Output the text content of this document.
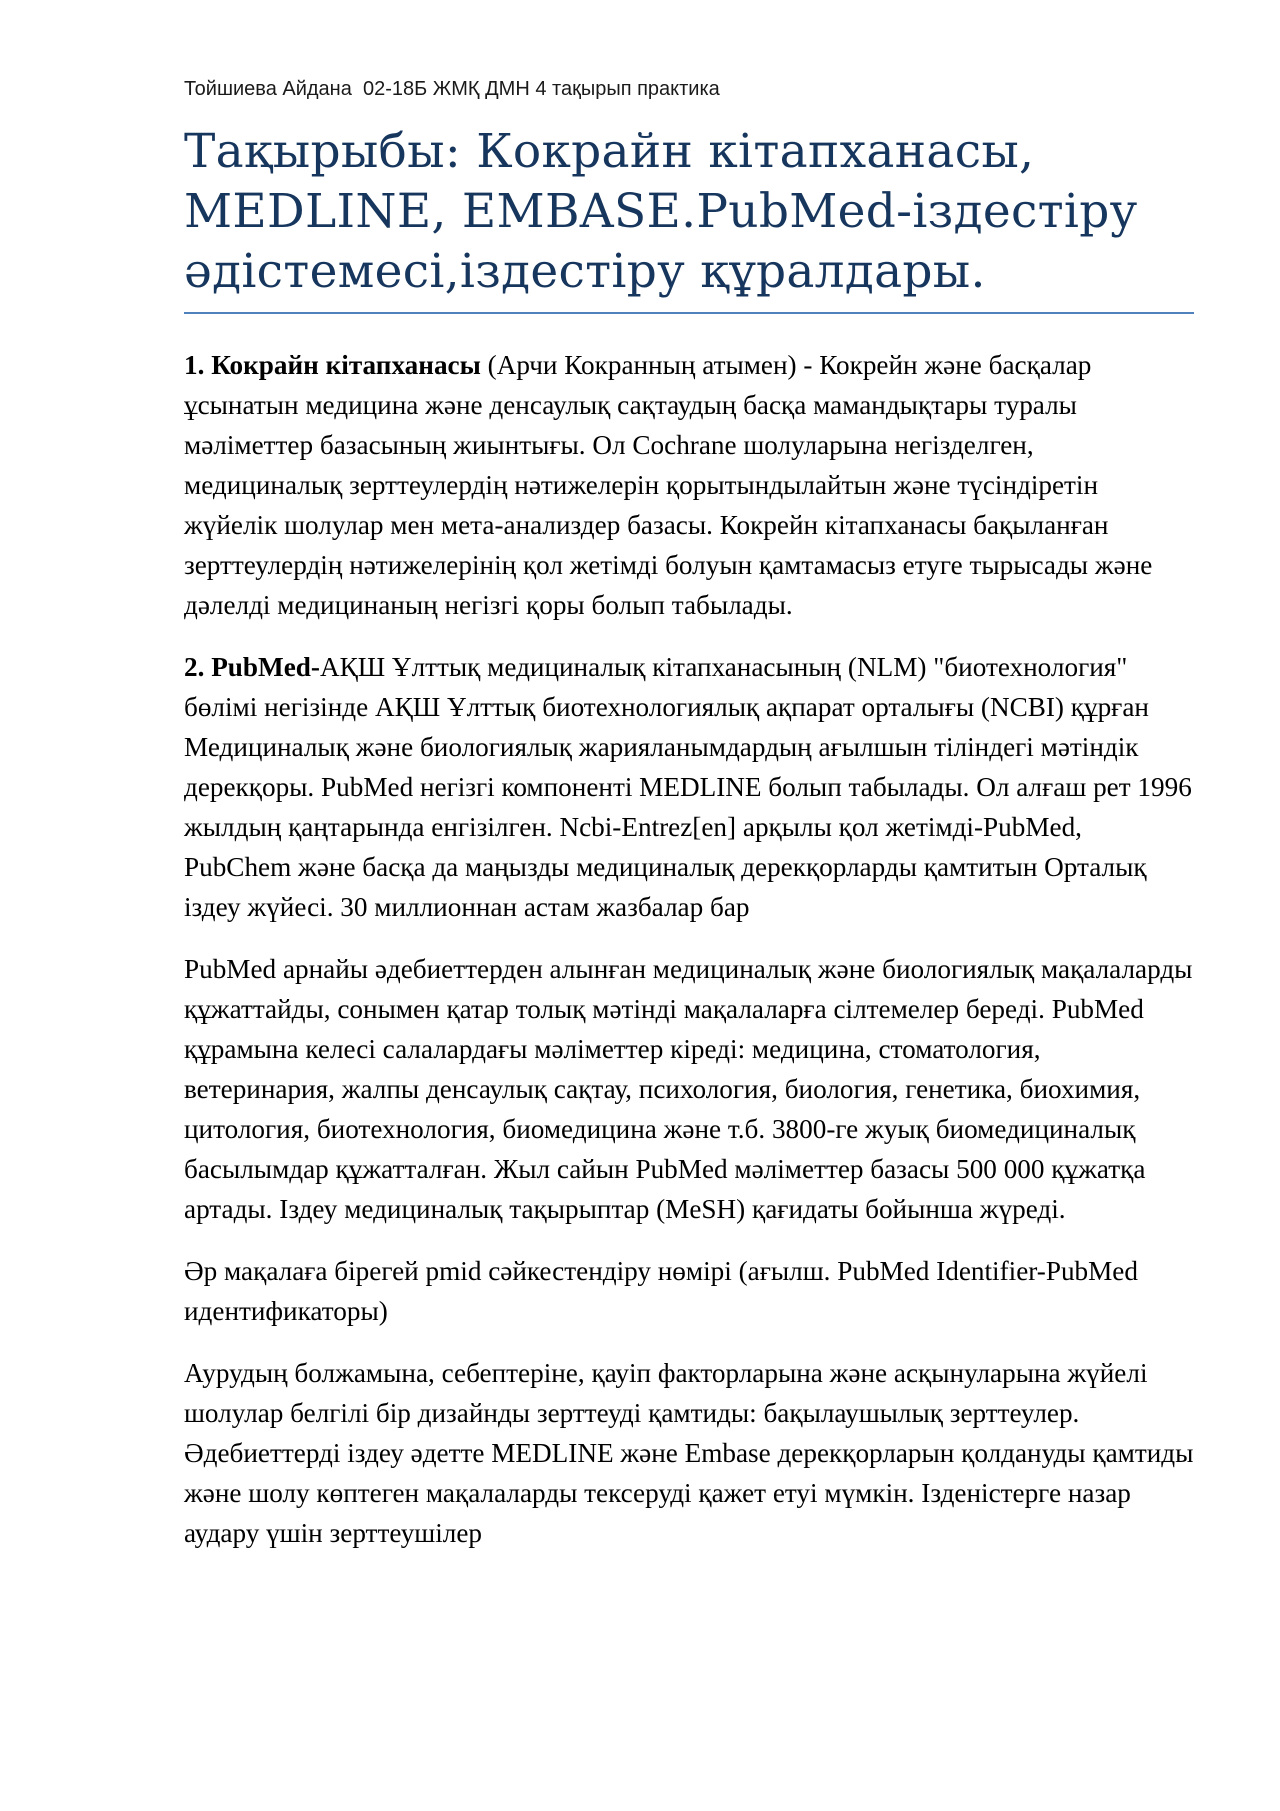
Тойшиева Айдана  02-18Б ЖМҚ ДМН 4 тақырып практика
Тақырыбы: Кокрайн кітапханасы,
MEDLINE, EMBASE.PubMed-іздестіру
әдістемесі,іздестіру құралдары.

1. Кокрайн кітапханасы (Арчи Кокранның атымен) - Кокрейн және басқалар ұсынатын медицина және денсаулық сақтаудың басқа мамандықтары туралы мәліметтер базасының жиынтығы. Ол Cochrane шолуларына негізделген, медициналық зерттеулердің нәтижелерін қорытындылайтын және түсіндіретін жүйелік шолулар мен мета-анализдер базасы. Кокрейн кітапханасы бақыланған зерттеулердің нәтижелерінің қол жетімді болуын қамтамасыз етуге тырысады және дәлелді медицинаның негізгі қоры болып табылады.

2. PubMed-АҚШ Ұлттық медициналық кітапханасының (NLM) "биотехнология" бөлімі негізінде АҚШ Ұлттық биотехнологиялық ақпарат орталығы (NCBI) құрған Медициналық және биологиялық жарияланымдардың ағылшын тіліндегі мәтіндік дерекқоры. PubMed негізгі компоненті MEDLINE болып табылады. Ол алғаш рет 1996 жылдың қаңтарында енгізілген. Ncbi-Entrez[en] арқылы қол жетімді-PubMed, PubChem және басқа да маңызды медициналық дерекқорларды қамтитын Орталық іздеу жүйесі. 30 миллионнан астам жазбалар бар

PubMed арнайы әдебиеттерден алынған медициналық және биологиялық мақалаларды құжаттайды, сонымен қатар толық мәтінді мақалаларға сілтемелер береді. PubMed құрамына келесі салалардағы мәліметтер кіреді: медицина, стоматология, ветеринария, жалпы денсаулық сақтау, психология, биология, генетика, биохимия, цитология, биотехнология, биомедицина және т.б. 3800-ге жуық биомедициналық басылымдар құжатталған. Жыл сайын PubMed мәліметтер базасы 500 000 құжатқа артады. Іздеу медициналық тақырыптар (MeSH) қағидаты бойынша жүреді.

Әр мақалаға бірегей pmid сәйкестендіру нөмірі (ағылш. PubMed Identifier-PubMed идентификаторы)

Аурудың болжамына, себептеріне, қауіп факторларына және асқынуларына жүйелі шолулар белгілі бір дизайнды зерттеуді қамтиды: бақылаушылық зерттеулер. Әдебиеттерді іздеу әдетте MEDLINE және Embase дерекқорларын қолдануды қамтиды және шолу көптеген мақалаларды тексеруді қажет етуі мүмкін. Ізденістерге назар аудару үшін зерттеушілер
